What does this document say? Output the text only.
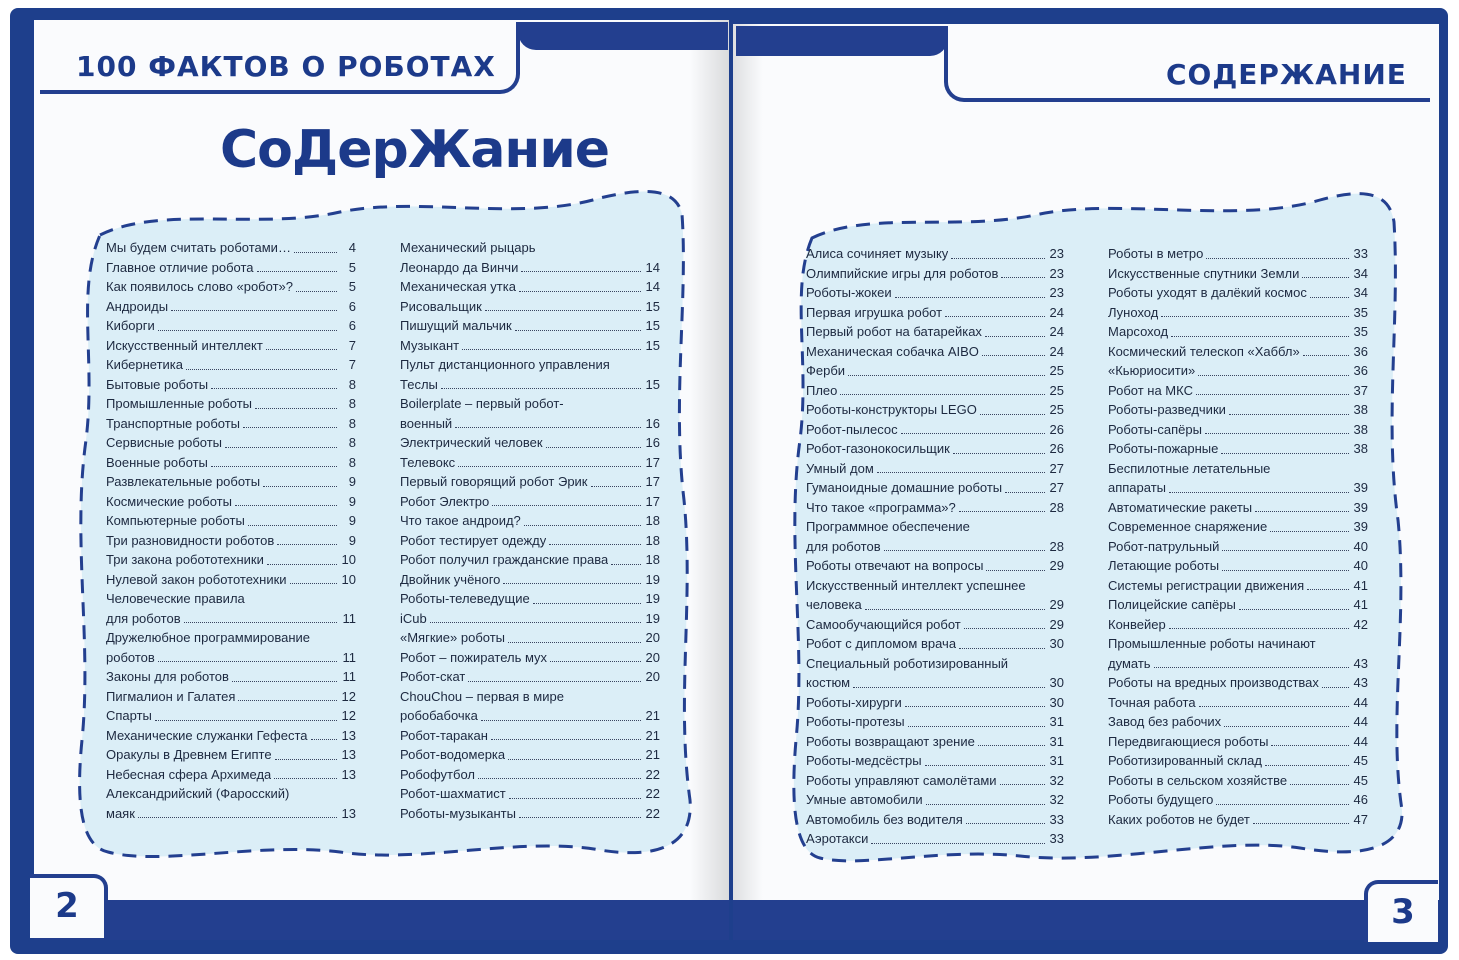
100 ФАКТОВ О РОБОТАХ	СОДЕРЖАНИЕ
СоДерЖание
Мы будем считать роботами…	4
Главное отличие робота	5
Как появилось слово «робот»?	5
Андроиды	6
Киборги	6
Искусственный интеллект	7
Кибернетика	7
Бытовые роботы	8
Промышленные роботы	8
Транспортные роботы	8
Сервисные роботы	8
Военные роботы	8
Развлекательные роботы	9
Космические роботы	9
Компьютерные роботы	9
Три разновидности роботов	9
Три закона робототехники	10
Нулевой закон робототехники	10
Человеческие правила
для роботов	11
Дружелюбное программирование
роботов	11
Законы для роботов	11
Пигмалион и Галатея	12
Спарты	12
Механические служанки Гефеста	13
Оракулы в Древнем Египте	13
Небесная сфера Архимеда	13
Александрийский (Фаросский)
маяк	13
Механический рыцарь
Леонардо да Винчи	14
Механическая утка	14
Рисовальщик	15
Пишущий мальчик	15
Музыкант	15
Пульт дистанционного управления
Теслы	15
Boilerplate – первый робот-
военный	16
Электрический человек	16
Телевокс	17
Первый говорящий робот Эрик	17
Робот Электро	17
Что такое андроид?	18
Робот тестирует одежду	18
Робот получил гражданские права	18
Двойник учёного	19
Роботы-телеведущие	19
iCub	19
«Мягкие» роботы	20
Робот – пожиратель мух	20
Робот-скат	20
ChouChou – первая в мире
робобабочка	21
Робот-таракан	21
Робот-водомерка	21
Робофутбол	22
Робот-шахматист	22
Роботы-музыканты	22
Алиса сочиняет музыку	23
Олимпийские игры для роботов	23
Роботы-жокеи	23
Первая игрушка робот	24
Первый робот на батарейках	24
Механическая собачка AIBO	24
Ферби	25
Плео	25
Роботы-конструкторы LEGO	25
Робот-пылесос	26
Робот-газонокосильщик	26
Умный дом	27
Гуманоидные домашние роботы	27
Что такое «программа»?	28
Программное обеспечение
для роботов	28
Роботы отвечают на вопросы	29
Искусственный интеллект успешнее
человека	29
Самообучающийся робот	29
Робот с дипломом врача	30
Специальный роботизированный
костюм	30
Роботы-хирурги	30
Роботы-протезы	31
Роботы возвращают зрение	31
Роботы-медсёстры	31
Роботы управляют самолётами	32
Умные автомобили	32
Автомобиль без водителя	33
Аэротакси	33
Роботы в метро	33
Искусственные спутники Земли	34
Роботы уходят в далёкий космос	34
Луноход	35
Марсоход	35
Космический телескоп «Хаббл»	36
«Кьюриосити»	36
Робот на МКС	37
Роботы-разведчики	38
Роботы-сапёры	38
Роботы-пожарные	38
Беспилотные летательные
аппараты	39
Автоматические ракеты	39
Современное снаряжение	39
Робот-патрульный	40
Летающие роботы	40
Системы регистрации движения	41
Полицейские сапёры	41
Конвейер	42
Промышленные роботы начинают
думать	43
Роботы на вредных производствах	43
Точная работа	44
Завод без рабочих	44
Передвигающиеся роботы	44
Роботизированный склад	45
Роботы в сельском хозяйстве	45
Роботы будущего	46
Каких роботов не будет	47
2	3
